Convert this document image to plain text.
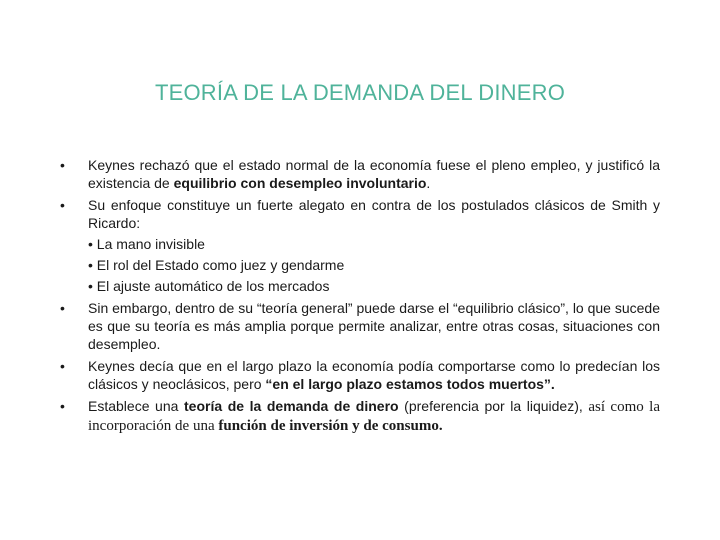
TEORÍA DE LA DEMANDA DEL DINERO
• Keynes rechazó que el estado normal de la economía fuese el pleno empleo, y justificó la existencia de equilibrio con desempleo involuntario.
• Su enfoque constituye un fuerte alegato en contra de los postulados clásicos de Smith y Ricardo:
• La mano invisible
• El rol del Estado como juez y gendarme
• El ajuste automático de los mercados
• Sin embargo, dentro de su “teoría general” puede darse el “equilibrio clásico”, lo que sucede es que su teoría es más amplia porque permite analizar, entre otras cosas, situaciones con desempleo.
• Keynes decía que en el largo plazo la economía podía comportarse como lo predecían los clásicos y neoclásicos, pero “en el largo plazo estamos todos muertos”.
• Establece una teoría de la demanda de dinero (preferencia por la liquidez), así como la incorporación de una función de inversión y de consumo.
